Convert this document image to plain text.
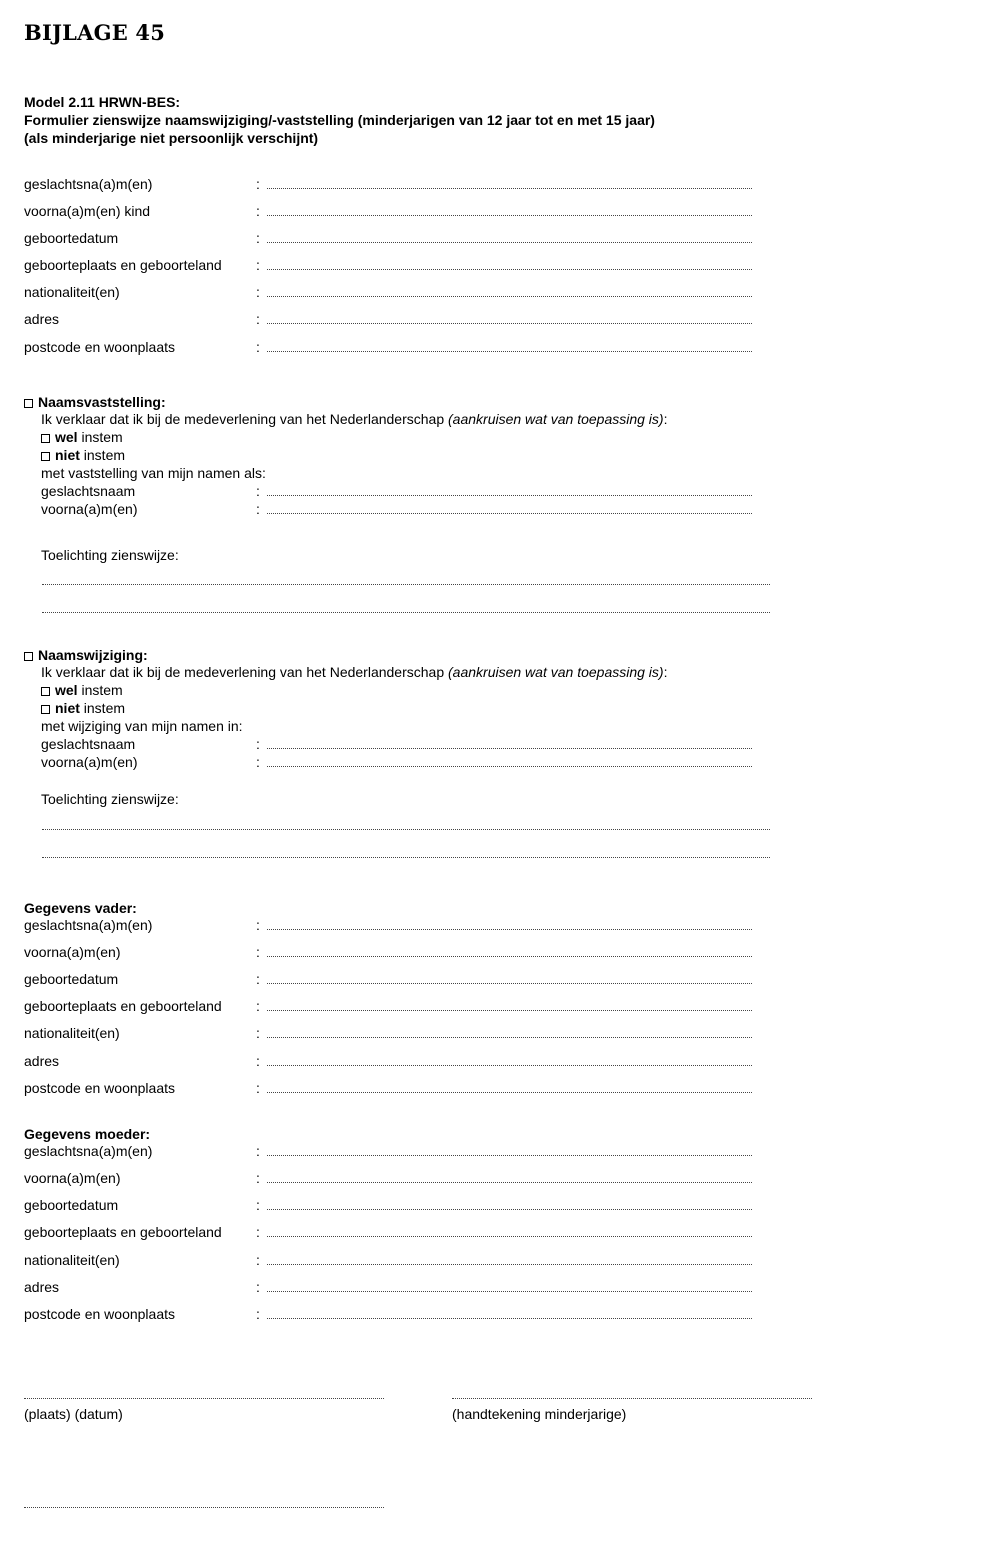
BIJLAGE 45
Model 2.11 HRWN-BES:
Formulier zienswijze naamswijziging/-vaststelling (minderjarigen van 12 jaar tot en met 15 jaar)
(als minderjarige niet persoonlijk verschijnt)
geslachtsna(a)m(en)	:
voorna(a)m(en) kind	:
geboortedatum	:
geboorteplaats en geboorteland :
nationaliteit(en)	:
adres	:
postcode en woonplaats	:
Naamsvaststelling:
Ik verklaar dat ik bij de medeverlening van het Nederlanderschap (aankruisen wat van toepassing is):
wel instem
niet instem
met vaststelling van mijn namen als:
geslachtsnaam	:
voorna(a)m(en)	:
Toelichting zienswijze:
Naamswijziging:
Ik verklaar dat ik bij de medeverlening van het Nederlanderschap (aankruisen wat van toepassing is):
wel instem
niet instem
met wijziging van mijn namen in:
geslachtsnaam	:
voorna(a)m(en)	:
Toelichting zienswijze:
Gegevens vader:
geslachtsna(a)m(en)	:
voorna(a)m(en)	:
geboortedatum	:
geboorteplaats en geboorteland :
nationaliteit(en)	:
adres	:
postcode en woonplaats	:
Gegevens moeder:
geslachtsna(a)m(en)	:
voorna(a)m(en)	:
geboortedatum	:
geboorteplaats en geboorteland :
nationaliteit(en)	:
adres	:
postcode en woonplaats	:
(plaats) (datum)	(handtekening minderjarige)
